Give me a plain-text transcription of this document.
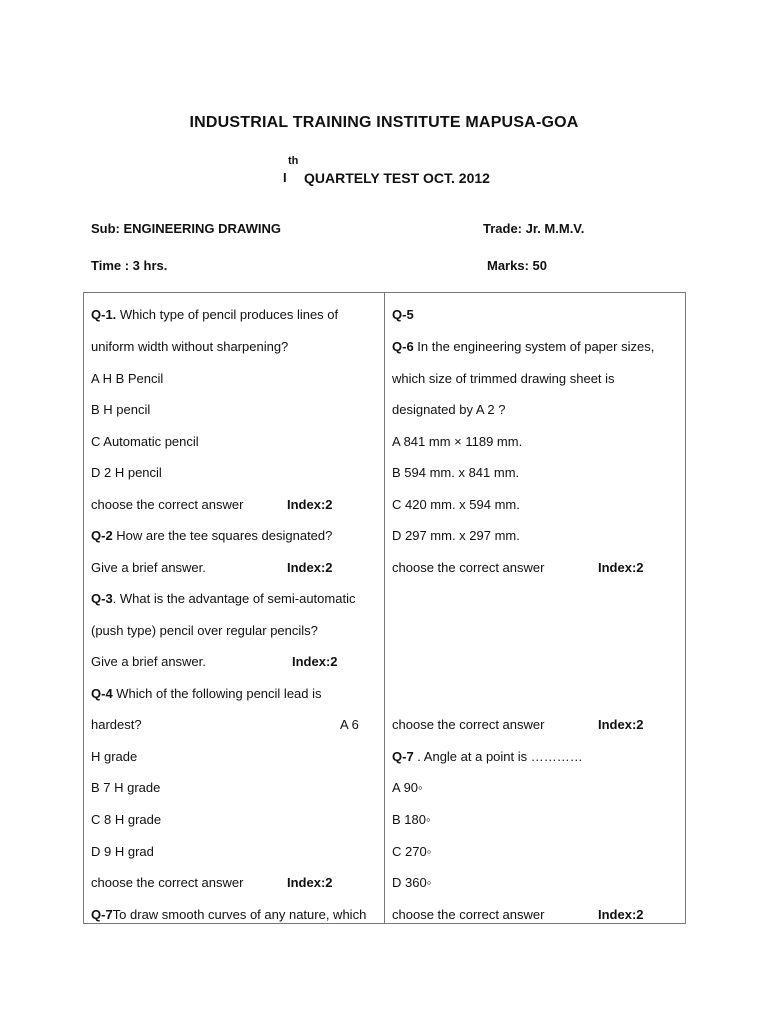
INDUSTRIAL TRAINING INSTITUTE MAPUSA-GOA
th
I QUARTELY TEST OCT. 2012
Sub: ENGINEERING DRAWING	Trade: Jr. M.M.V.
Time : 3 hrs.	Marks: 50
Q-1. Which type of pencil produces lines of
uniform width without sharpening?
A H B Pencil
B H pencil
C Automatic pencil
D 2 H pencil
choose the correct answer	Index:2
Q-2 How are the tee squares designated?
Give a brief answer.	Index:2
Q-3. What is the advantage of semi-automatic
(push type) pencil over regular pencils?
Give a brief answer.	Index:2
Q-4 Which of the following pencil lead is
hardest?	A 6
H grade
B 7 H grade
C 8 H grade
D 9 H grad
choose the correct answer	Index:2
Q-7To draw smooth curves of any nature, which

Q-5
Q-6 In the engineering system of paper sizes,
which size of trimmed drawing sheet is
designated by A 2 ?
A 841 mm × 1189 mm.
B 594 mm. x 841 mm.
C 420 mm. x 594 mm.
D 297 mm. x 297 mm.
choose the correct answer	Index:2
choose the correct answer	Index:2
Q-7 . Angle at a point is …………
A 90◦
B 180◦
C 270◦
D 360◦
choose the correct answer	Index:2
